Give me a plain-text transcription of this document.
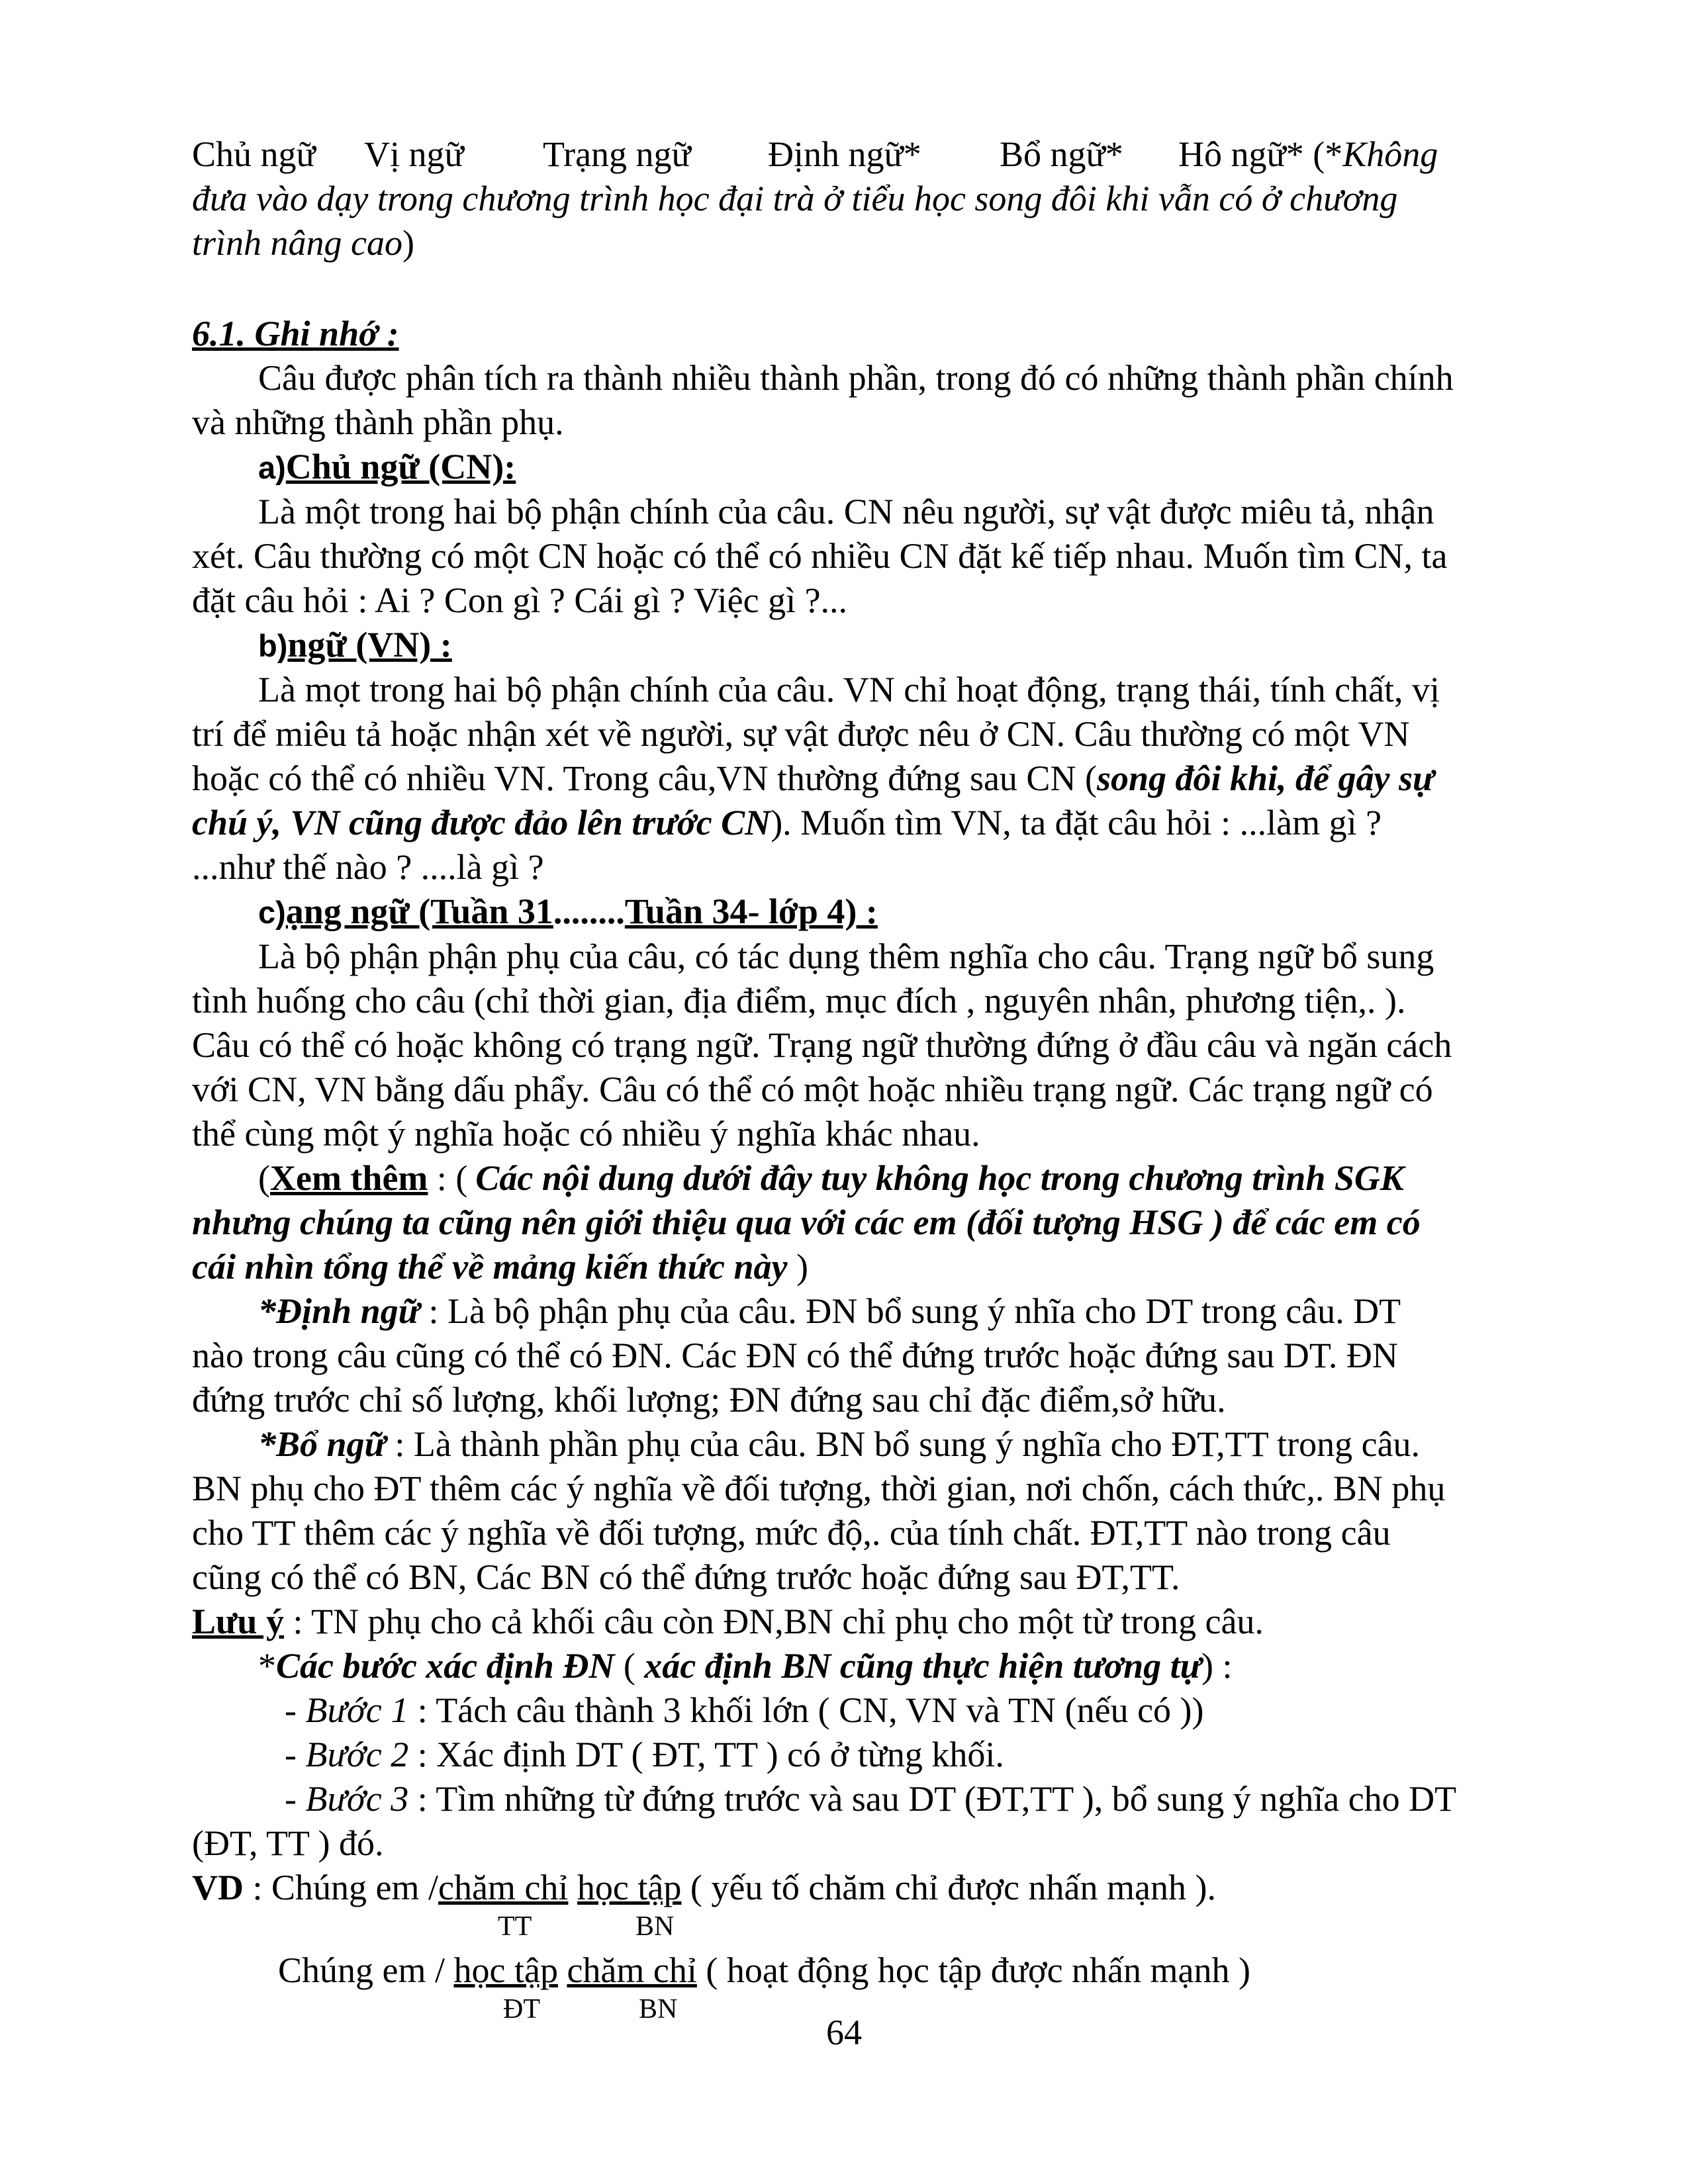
Chủ ngữ Vị ngữ Trạng ngữ Định ngữ* Bổ ngữ* Hô ngữ* (*Không

đưa vào dạy trong chương trình học đại trà ở tiểu học song đôi khi vẫn có ở chương

trình nâng cao)

6.1. Ghi nhớ :

Câu được phân tích ra thành nhiều thành phần, trong đó có những thành phần chính

và những thành phần phụ.

a)Chủ ngữ (CN):

Là một trong hai bộ phận chính của câu. CN nêu người, sự vật được miêu tả, nhận

xét. Câu thường có một CN hoặc có thể có nhiều CN đặt kế tiếp nhau. Muốn tìm CN, ta

đặt câu hỏi : Ai ? Con gì ? Cái gì ? Việc gì ?...

b)ngữ (VN) :

Là mọt trong hai bộ phận chính của câu. VN chỉ hoạt động, trạng thái, tính chất, vị

trí để miêu tả hoặc nhận xét về người, sự vật được nêu ở CN. Câu thường có một VN

hoặc có thể có nhiều VN. Trong câu,VN thường đứng sau CN (song đôi khi, để gây sự

chú ý, VN cũng được đảo lên trước CN). Muốn tìm VN, ta đặt câu hỏi : ...làm gì ?

...như thế nào ? ....là gì ?

c)ạng ngữ (Tuần 31........Tuần 34- lớp 4) :

Là bộ phận phận phụ của câu, có tác dụng thêm nghĩa cho câu. Trạng ngữ bổ sung

tình huống cho câu (chỉ thời gian, địa điểm, mục đích , nguyên nhân, phương tiện,. ).

Câu có thể có hoặc không có trạng ngữ. Trạng ngữ thường đứng ở đầu câu và ngăn cách

với CN, VN bằng dấu phẩy. Câu có thể có một hoặc nhiều trạng ngữ. Các trạng ngữ có

thể cùng một ý nghĩa hoặc có nhiều ý nghĩa khác nhau.

(Xem thêm : ( Các nội dung dưới đây tuy không học trong chương trình SGK

nhưng chúng ta cũng nên giới thiệu qua với các em (đối tượng HSG ) để các em có

cái nhìn tổng thể về mảng kiến thức này )

*Định ngữ : Là bộ phận phụ của câu. ĐN bổ sung ý nhĩa cho DT trong câu. DT

nào trong câu cũng có thể có ĐN. Các ĐN có thể đứng trước hoặc đứng sau DT. ĐN

đứng trước chỉ số lượng, khối lượng; ĐN đứng sau chỉ đặc điểm,sở hữu.

*Bổ ngữ : Là thành phần phụ của câu. BN bổ sung ý nghĩa cho ĐT,TT trong câu.

BN phụ cho ĐT thêm các ý nghĩa về đối tượng, thời gian, nơi chốn, cách thức,. BN phụ

cho TT thêm các ý nghĩa về đối tượng, mức độ,. của tính chất. ĐT,TT nào trong câu

cũng có thể có BN, Các BN có thể đứng trước hoặc đứng sau ĐT,TT.

Lưu ý : TN phụ cho cả khối câu còn ĐN,BN chỉ phụ cho một từ trong câu.

*Các bước xác định ĐN ( xác định BN cũng thực hiện tương tự) :

- Bước 1 : Tách câu thành 3 khối lớn ( CN, VN và TN (nếu có ))

- Bước 2 : Xác định DT ( ĐT, TT ) có ở từng khối.

- Bước 3 : Tìm những từ đứng trước và sau DT (ĐT,TT ), bổ sung ý nghĩa cho DT

(ĐT, TT ) đó.

VD : Chúng em /chăm chỉ học tập ( yếu tố chăm chỉ được nhấn mạnh ).

TT	BN

Chúng em / học tập chăm chỉ ( hoạt động học tập được nhấn mạnh )

ĐT	BN

64
